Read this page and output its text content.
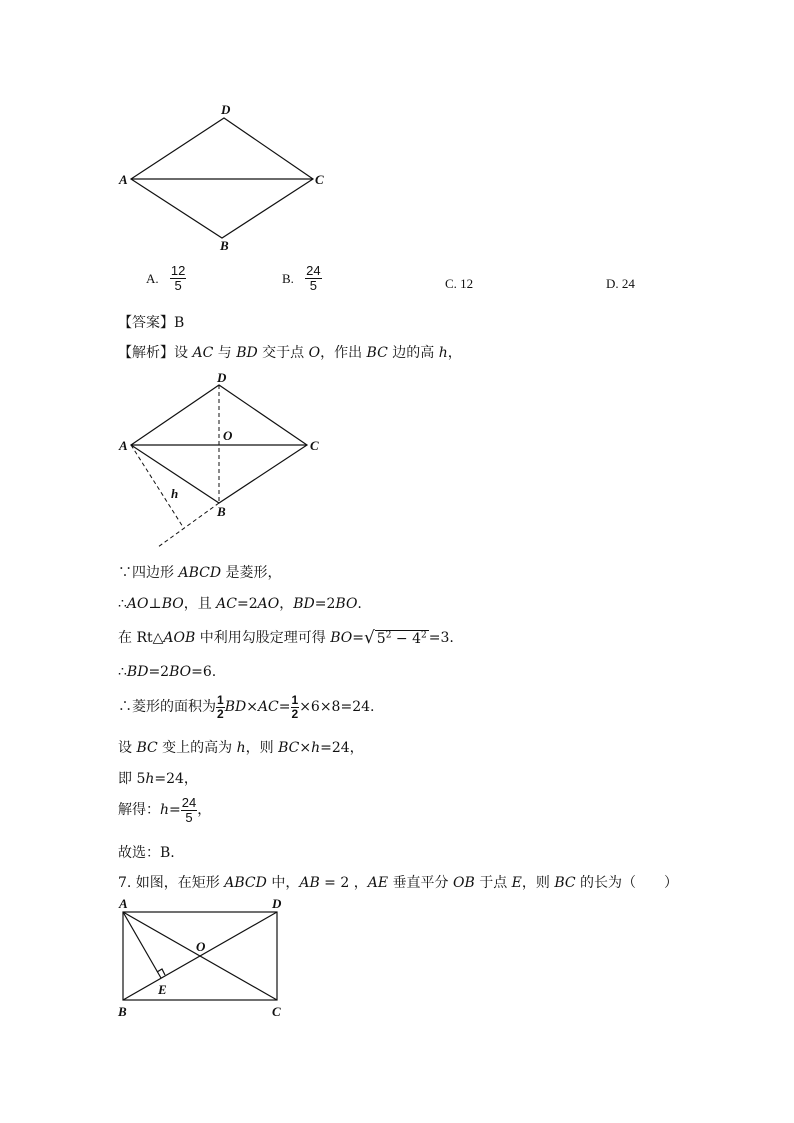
A
D
C
B
A. $\frac{12}{5}$	B. $\frac{24}{5}$	C. 12	D. 24
【答案】B
【解析】设 AC 与 BD 交于点 O，作出 BC 边的高 h，
A
D
C
B
O
h
∵四边形 ABCD 是菱形，
∴AO⊥BO，且 AC=2AO，BD=2BO.
在 Rt△AOB 中利用勾股定理可得 BO=√ $5^2 - 4^2 =3$.
∴BD=2BO=6.
∴菱形的面积为 $\frac{1}{2} BD\times AC= \frac{1}{2} \times 6\times 8=24$.
设 BC 变上的高为 h，则 BC×h=24，
即 5h=24，
解得：$h= \frac{24}{5}$ ，
故选：B.
7. 如图，在矩形 ABCD 中，AB = 2 ，AE 垂直平分 OB 于点 E，则 BC 的长为（　　）
A	D
B	C
O
E
